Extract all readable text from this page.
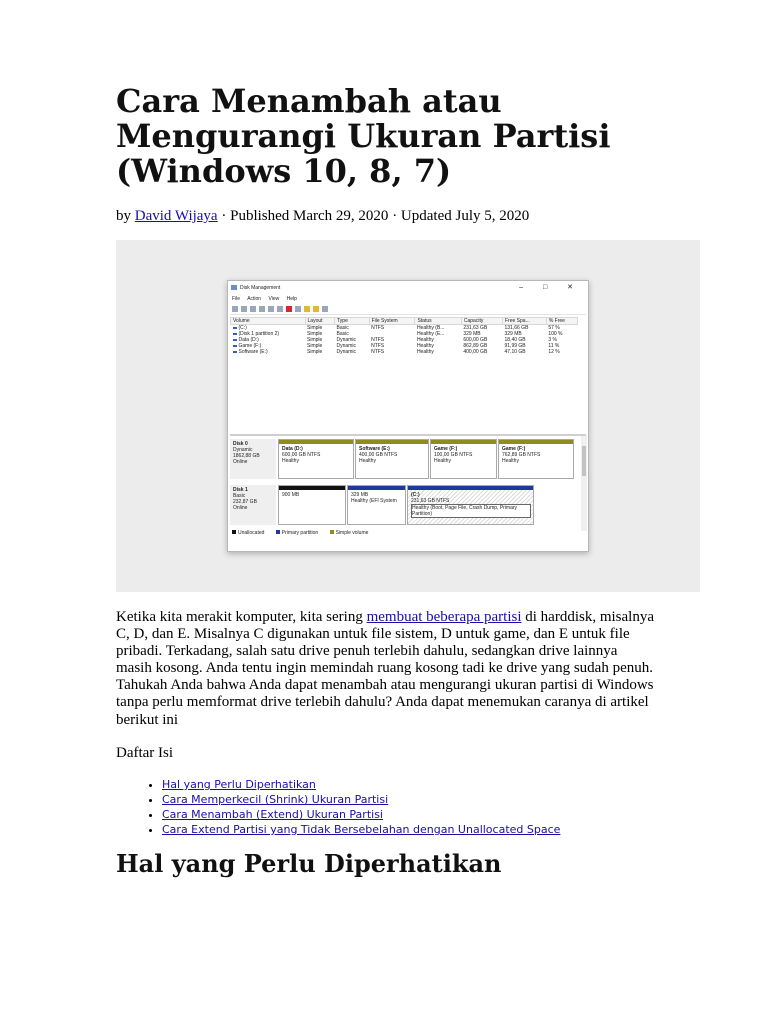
Cara Menambah atau Mengurangi Ukuran Partisi (Windows 10, 8, 7)
by David Wijaya · Published March 29, 2020 · Updated July 5, 2020
Disk Management	– □ ✕
File Action View Help
Volume	Layout	Type	File System	Status	Capacity	Free Spa...	% Free
(C:)	Simple	Basic	NTFS	Healthy (B...	231,63 GB	131,66 GB	57 %
(Disk 1 partition 2)	Simple	Basic		Healthy (E...	329 MB	329 MB	100 %
Data (D:)	Simple	Dynamic	NTFS	Healthy	600,00 GB	18,40 GB	3 %
Game (F:)	Simple	Dynamic	NTFS	Healthy	862,89 GB	91,99 GB	11 %
Software (E:)	Simple	Dynamic	NTFS	Healthy	400,00 GB	47,10 GB	12 %
Disk 0
Dynamic
1862,88 GB
Online
Data (D:)
600,00 GB NTFS
Healthy
Software (E:)
400,00 GB NTFS
Healthy
Game (F:)
100,00 GB NTFS
Healthy
Game (F:)
762,89 GB NTFS
Healthy
Disk 1
Basic
232,87 GB
Online
900 MB	329 MB
Healthy (EFI System
(C:)
231,63 GB NTFS
Healthy (Boot, Page File, Crash Dump, Primary Partition)
Unallocated	Primary partition	Simple volume

Ketika kita merakit komputer, kita sering membuat beberapa partisi di harddisk, misalnya C, D, dan E. Misalnya C digunakan untuk file sistem, D untuk game, dan E untuk file pribadi. Terkadang, salah satu drive penuh terlebih dahulu, sedangkan drive lainnya masih kosong. Anda tentu ingin memindah ruang kosong tadi ke drive yang sudah penuh. Tahukah Anda bahwa Anda dapat menambah atau mengurangi ukuran partisi di Windows tanpa perlu memformat drive terlebih dahulu? Anda dapat menemukan caranya di artikel berikut ini

Daftar Isi
• Hal yang Perlu Diperhatikan
• Cara Memperkecil (Shrink) Ukuran Partisi
• Cara Menambah (Extend) Ukuran Partisi
• Cara Extend Partisi yang Tidak Bersebelahan dengan Unallocated Space
Hal yang Perlu Diperhatikan
